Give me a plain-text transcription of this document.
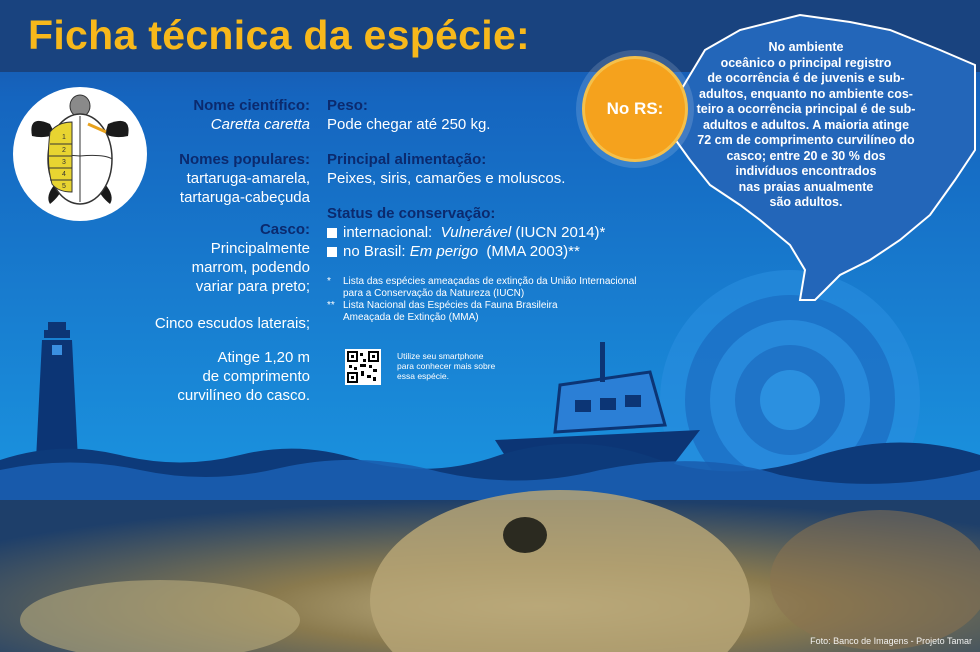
Ficha técnica da espécie:
1
2
3
4
5
Nome científico:
Caretta caretta
Nomes populares:
tartaruga-amarela,
tartaruga-cabeçuda
Casco:
Principalmente
marrom, podendo
variar para preto;
Cinco escudos laterais;
Atinge 1,20 m
de comprimento
curvilíneo do casco.
Peso:
Pode chegar até 250 kg.
Principal alimentação:
Peixes, siris, camarões e moluscos.
Status de conservação:
internacional: Vulnerável (IUCN 2014)*
no Brasil: Em perigo (MMA 2003)**
*	Lista das espécies ameaçadas de extinção da União Internacional
para a Conservação da Natureza (IUCN)
** Lista Nacional das Espécies da Fauna Brasileira
Ameaçada de Extinção (MMA)
Utilize seu smartphone
para conhecer mais sobre
essa espécie.
No RS:
No ambiente
oceânico o principal registro
de ocorrência é de juvenis e sub-
adultos, enquanto no ambiente cos-
teiro a ocorrência principal é de sub-
adultos e adultos. A maioria atinge
72 cm de comprimento curvilíneo do
casco; entre 20 e 30 % dos
indivíduos encontrados
nas praias anualmente
são adultos.
Foto: Banco de Imagens - Projeto Tamar
